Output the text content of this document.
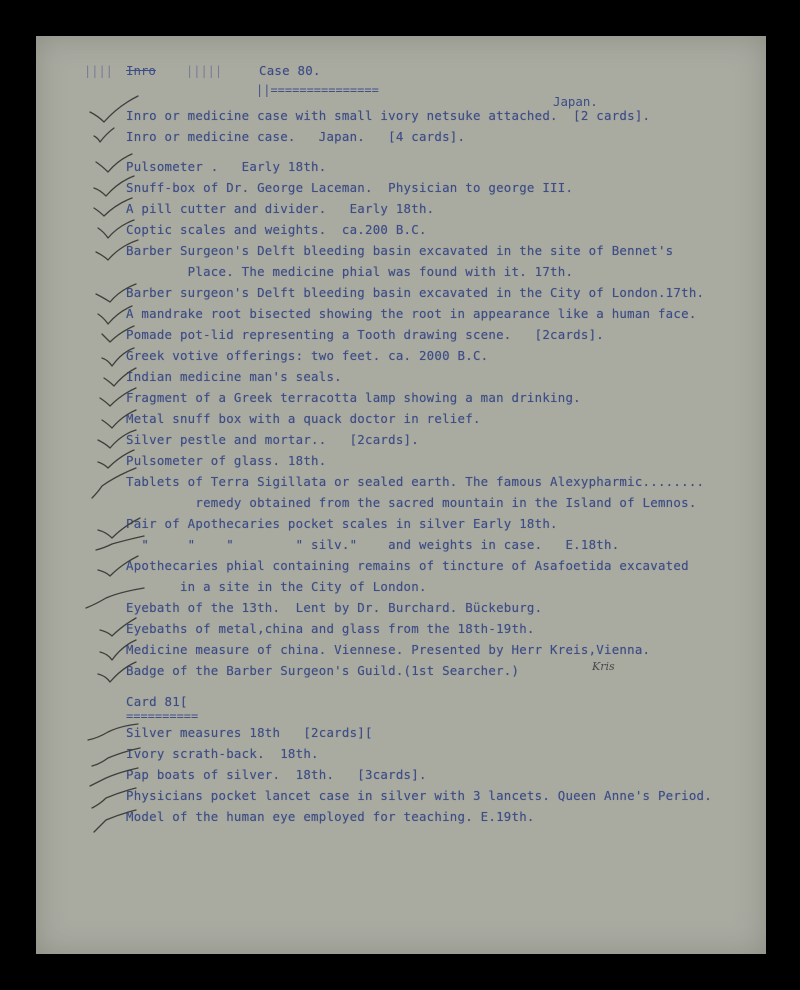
|||| Inro	|||||	Case 80.
||===============
Japan.
Inro or medicine case with small ivory netsuke attached.  [2 cards].
Inro or medicine case.   Japan.   [4 cards].
Pulsometer .   Early 18th.
Snuff-box of Dr. George Laceman.  Physician to george III.
A pill cutter and divider.   Early 18th.
Coptic scales and weights.  ca.200 B.C.
Barber Surgeon's Delft bleeding basin excavated in the site of Bennet's
Place. The medicine phial was found with it. 17th.
Barber surgeon's Delft bleeding basin excavated in the City of London.17th.
A mandrake root bisected showing the root in appearance like a human face.
Pomade pot-lid representing a Tooth drawing scene.   [2cards].
Greek votive offerings: two feet. ca. 2000 B.C.
Indian medicine man's seals.
Fragment of a Greek terracotta lamp showing a man drinking.
Metal snuff box with a quack doctor in relief.
Silver pestle and mortar..   [2cards].
Pulsometer of glass. 18th.
Tablets of Terra Sigillata or sealed earth. The famous Alexypharmic........
remedy obtained from the sacred mountain in the Island of Lemnos.
Pair of Apothecaries pocket scales in silver Early 18th.
"     "    "        " silv."    and weights in case.   E.18th.
Apothecaries phial containing remains of tincture of Asafoetida excavated
in a site in the City of London.
Eyebath of the 13th.  Lent by Dr. Burchard. Bückeburg.
Eyebaths of metal,china and glass from the 18th-19th.
Medicine measure of china. Viennese. Presented by Herr Kreis,Vienna.
Badge of the Barber Surgeon's Guild.(1st Searcher.)	Kris
Card 81[
==========
Silver measures 18th   [2cards][
Ivory scrath-back.  18th.
Pap boats of silver.  18th.   [3cards].
Physicians pocket lancet case in silver with 3 lancets. Queen Anne's Period.
Model of the human eye employed for teaching. E.19th.
